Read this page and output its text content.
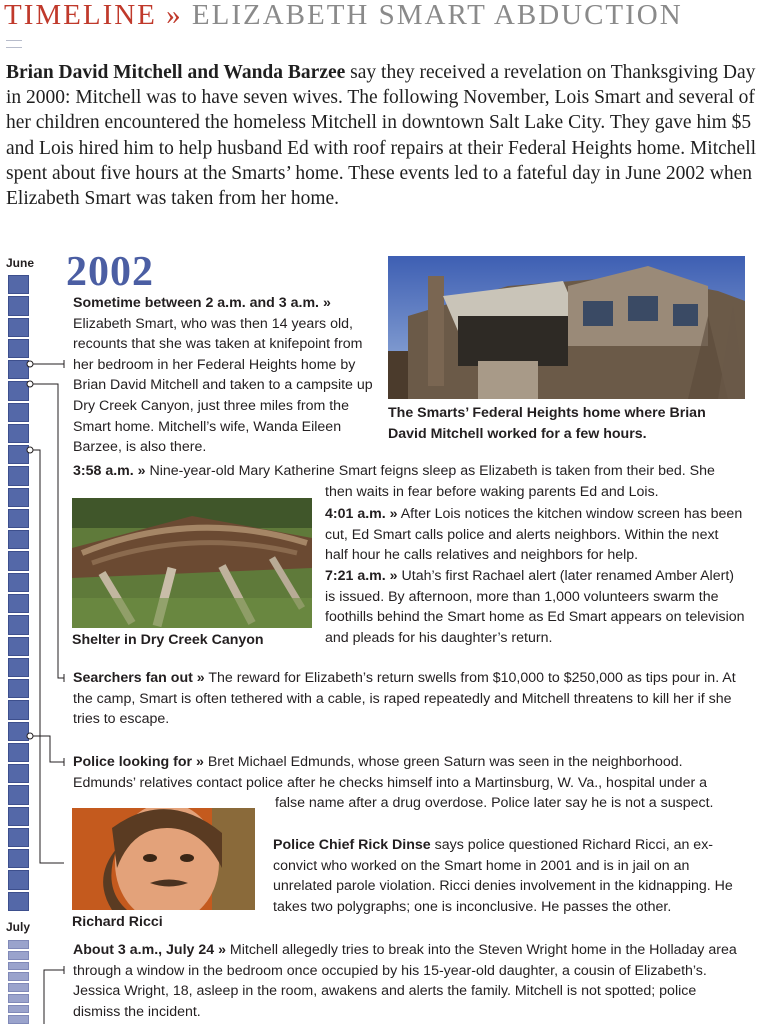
TIMELINE » ELIZABETH SMART ABDUCTION
Brian David Mitchell and Wanda Barzee say they received a revelation on Thanksgiving Day in 2000: Mitchell was to have seven wives. The following November, Lois Smart and several of her children encountered the homeless Mitchell in downtown Salt Lake City. They gave him $5 and Lois hired him to help husband Ed with roof repairs at their Federal Heights home. Mitchell spent about five hours at the Smarts’ home. These events led to a fateful day in June 2002 when Elizabeth Smart was taken from her home.
June
July
2002
Sometime between 2 a.m. and 3 a.m. » Elizabeth Smart, who was then 14 years old, recounts that she was taken at knifepoint from her bedroom in her Federal Heights home by Brian David Mitchell and taken to a campsite up Dry Creek Canyon, just three miles from the Smart home. Mitchell’s wife, Wanda Eileen Barzee, is also there.
3:58 a.m. » Nine-year-old Mary Katherine Smart feigns sleep as Elizabeth is taken from their bed. She
then waits in fear before waking parents Ed and Lois.
4:01 a.m. » After Lois notices the kitchen window screen has been cut, Ed Smart calls police and alerts neighbors. Within the next half hour he calls relatives and neighbors for help.
7:21 a.m. » Utah’s first Rachael alert (later renamed Amber Alert) is issued. By afternoon, more than 1,000 volunteers swarm the foothills behind the Smart home as Ed Smart appears on television and pleads for his daughter’s return.
Searchers fan out » The reward for Elizabeth’s return swells from $10,000 to $250,000 as tips pour in. At the camp, Smart is often tethered with a cable, is raped repeatedly and Mitchell threatens to kill her if she tries to escape.
Police looking for » Bret Michael Edmunds, whose green Saturn was seen in the neighborhood. Edmunds’ relatives contact police after he checks himself into a Martinsburg, W. Va., hospital under a
false name after a drug overdose. Police later say he is not a suspect.
Police Chief Rick Dinse says police questioned Richard Ricci, an ex-convict who worked on the Smart home in 2001 and is in jail on an unrelated parole violation. Ricci denies involvement in the kidnapping. He takes two polygraphs; one is inconclusive. He passes the other.
About 3 a.m., July 24 » Mitchell allegedly tries to break into the Steven Wright home in the Holladay area through a window in the bedroom once occupied by his 15-year-old daughter, a cousin of Elizabeth’s. Jessica Wright, 18, asleep in the room, awakens and alerts the family. Mitchell is not spotted; police dismiss the incident.
The Smarts’ Federal Heights home where Brian David Mitchell worked for a few hours.
Shelter in Dry Creek Canyon
Richard Ricci
